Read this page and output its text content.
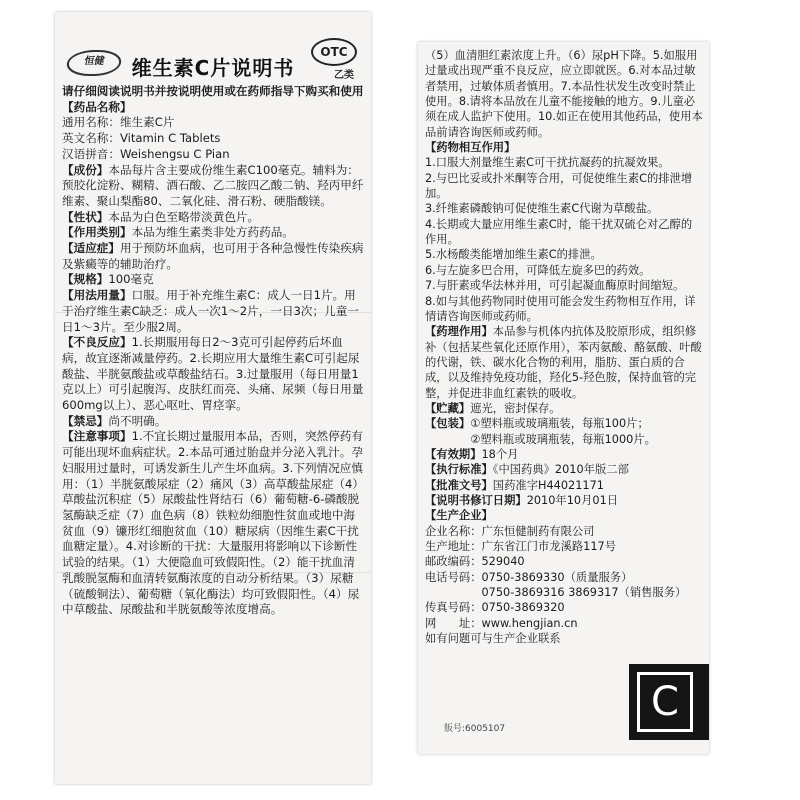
恒健
OTC
乙类
维生素C片说明书

请仔细阅读说明书并按说明使用或在药师指导下购买和使用

【药品名称】

通用名称：维生素C片

英文名称：Vitamin C Tablets

汉语拼音：Weishengsu C Pian

【成份】本品每片含主要成份维生素C100毫克。辅料为：预胶化淀粉、糊精、酒石酸、乙二胺四乙酸二钠、羟丙甲纤维素、聚山梨酯80、二氧化硅、滑石粉、硬脂酸镁。

【性状】本品为白色至略带淡黄色片。

【作用类别】本品为维生素类非处方药药品。

【适应症】用于预防坏血病，也可用于各种急慢性传染疾病及紫癜等的辅助治疗。

【规格】100毫克

【用法用量】口服。用于补充维生素C：成人一日1片。用于治疗维生素C缺乏：成人一次1～2片，一日3次；儿童一日1～3片。至少服2周。

【不良反应】1.长期服用每日2～3克可引起停药后坏血病，故宜逐渐减量停药。2.长期应用大量维生素C可引起尿酸盐、半胱氨酸盐或草酸盐结石。3.过量服用（每日用量1克以上）可引起腹泻、皮肤红而亮、头痛、尿频（每日用量600mg以上）、恶心呕吐、胃痉挛。

【禁忌】尚不明确。

【注意事项】1.不宜长期过量服用本品，否则，突然停药有可能出现坏血病症状。2.本品可通过胎盘并分泌入乳汁。孕妇服用过量时，可诱发新生儿产生坏血病。3.下列情况应慎用：（1）半胱氨酸尿症（2）痛风（3）高草酸盐尿症（4）草酸盐沉积症（5）尿酸盐性肾结石（6）葡萄糖-6-磷酸脱氢酶缺乏症（7）血色病（8）铁粒幼细胞性贫血或地中海贫血（9）镰形红细胞贫血（10）糖尿病（因维生素C干扰血糖定量）。4.对诊断的干扰：大量服用将影响以下诊断性试验的结果。（1）大便隐血可致假阳性。（2）能干扰血清乳酸脱氢酶和血清转氨酶浓度的自动分析结果。（3）尿糖（硫酸铜法）、葡萄糖（氧化酶法）均可致假阳性。（4）尿中草酸盐、尿酸盐和半胱氨酸等浓度增高。

（5）血清胆红素浓度上升。（6）尿pH下降。5.如服用过量或出现严重不良反应，应立即就医。6.对本品过敏者禁用，过敏体质者慎用。7.本品性状发生改变时禁止使用。8.请将本品放在儿童不能接触的地方。9.儿童必须在成人监护下使用。10.如正在使用其他药品，使用本品前请咨询医师或药师。

【药物相互作用】

1.口服大剂量维生素C可干扰抗凝药的抗凝效果。

2.与巴比妥或扑米酮等合用，可促使维生素C的排泄增加。

3.纤维素磷酸钠可促使维生素C代谢为草酸盐。

4.长期或大量应用维生素C时，能干扰双硫仑对乙醇的作用。

5.水杨酸类能增加维生素C的排泄。

6.与左旋多巴合用，可降低左旋多巴的药效。

7.与肝素或华法林并用，可引起凝血酶原时间缩短。

8.如与其他药物同时使用可能会发生药物相互作用，详情请咨询医师或药师。

【药理作用】本品参与机体内抗体及胶原形成，组织修补（包括某些氧化还原作用），苯丙氨酸、酪氨酸、叶酸的代谢，铁、碳水化合物的利用，脂肪、蛋白质的合成，以及维持免疫功能，羟化5-羟色胺，保持血管的完整，并促进非血红素铁的吸收。

【贮藏】遮光，密封保存。

【包装】①塑料瓶或玻璃瓶装，每瓶100片；

　　　　②塑料瓶或玻璃瓶装，每瓶1000片。

【有效期】18个月

【执行标准】《中国药典》2010年版二部

【批准文号】国药准字H44021171

【说明书修订日期】2010年10月01日

【生产企业】

企业名称：广东恒健制药有限公司

生产地址：广东省江门市龙溪路117号

邮政编码：529040

电话号码：0750-3869330（质量服务）

　　　　　0750-3869316 3869317（销售服务）

传真号码：0750-3869320

网　　址：www.hengjian.cn

如有问题可与生产企业联系

版号:6005107
C
